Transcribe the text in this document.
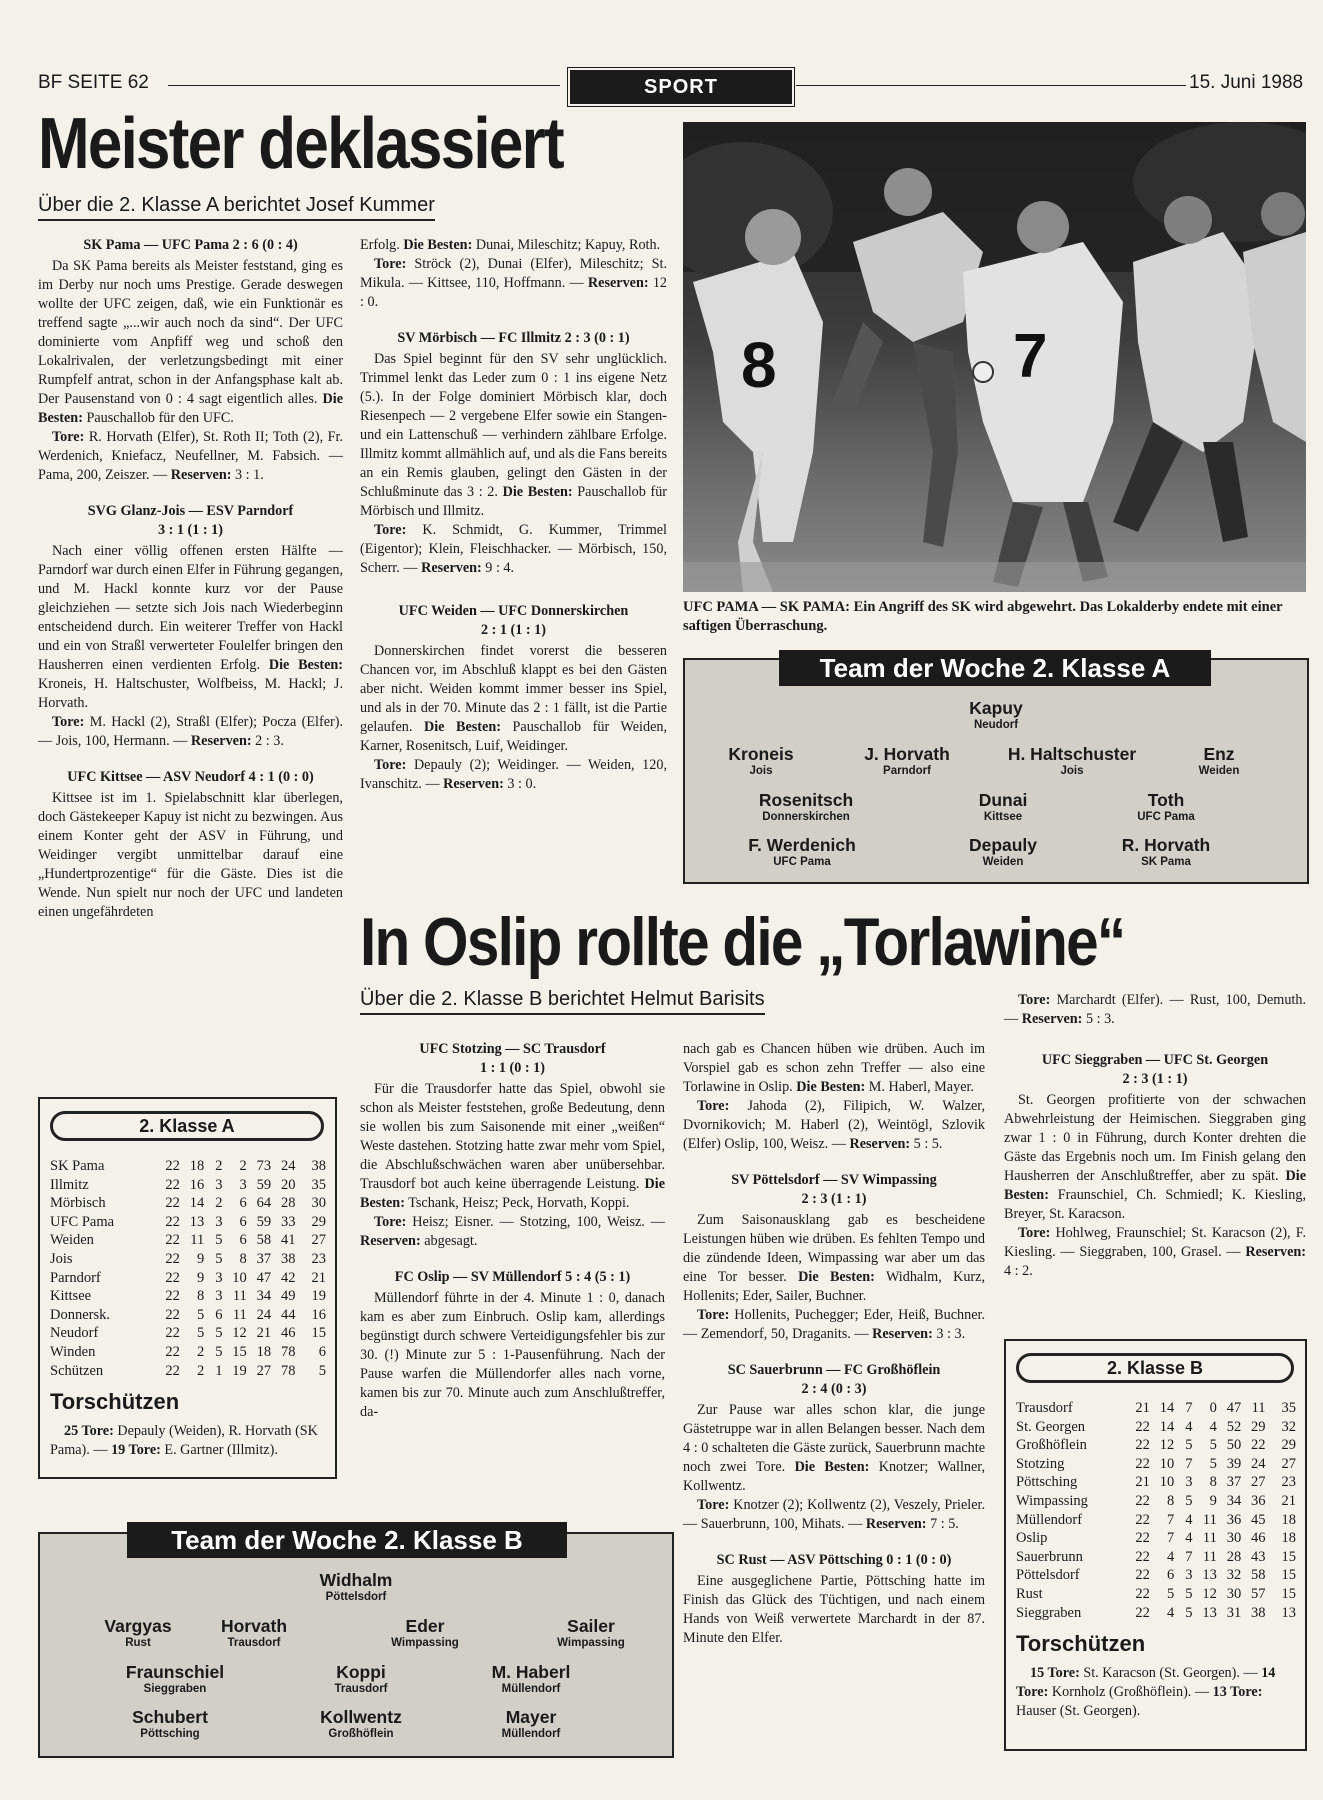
BF SEITE 62	SPORT	15. Juni 1988
Meister deklassiert
Über die 2. Klasse A berichtet Josef Kummer

SK Pama — UFC Pama 2 : 6 (0 : 4)

Da SK Pama bereits als Meister feststand, ging es im Derby nur noch ums Prestige. Gerade deswegen wollte der UFC zeigen, daß, wie ein Funktionär es treffend sagte „...wir auch noch da sind“. Der UFC dominierte vom Anpfiff weg und schoß den Lokalrivalen, der verletzungsbedingt mit einer Rumpfelf antrat, schon in der Anfangsphase kalt ab. Der Pausenstand von 0 : 4 sagt eigentlich alles. Die Besten: Pauschallob für den UFC.

Tore: R. Horvath (Elfer), St. Roth II; Toth (2), Fr. Werdenich, Kniefacz, Neufellner, M. Fabsich. — Pama, 200, Zeiszer. — Reserven: 3 : 1.

SVG Glanz-Jois — ESV Parndorf

3 : 1 (1 : 1)

Nach einer völlig offenen ersten Hälfte — Parndorf war durch einen Elfer in Führung gegangen, und M. Hackl konnte kurz vor der Pause gleichziehen — setzte sich Jois nach Wiederbeginn entscheidend durch. Ein weiterer Treffer von Hackl und ein von Straßl verwerteter Foulelfer bringen den Hausherren einen verdienten Erfolg. Die Besten: Kroneis, H. Haltschuster, Wolfbeiss, M. Hackl; J. Horvath.

Tore: M. Hackl (2), Straßl (Elfer); Pocza (Elfer). — Jois, 100, Hermann. — Reserven: 2 : 3.

UFC Kittsee — ASV Neudorf 4 : 1 (0 : 0)

Kittsee ist im 1. Spielabschnitt klar überlegen, doch Gästekeeper Kapuy ist nicht zu bezwingen. Aus einem Konter geht der ASV in Führung, und Weidinger vergibt unmittelbar darauf eine „Hundertprozentige“ für die Gäste. Dies ist die Wende. Nun spielt nur noch der UFC und landeten einen ungefährdeten

Erfolg. Die Besten: Dunai, Mileschitz; Kapuy, Roth.

Tore: Ströck (2), Dunai (Elfer), Mileschitz; St. Mikula. — Kittsee, 110, Hoffmann. — Reserven: 12 : 0.

SV Mörbisch — FC Illmitz 2 : 3 (0 : 1)

Das Spiel beginnt für den SV sehr unglücklich. Trimmel lenkt das Leder zum 0 : 1 ins eigene Netz (5.). In der Folge dominiert Mörbisch klar, doch Riesenpech — 2 vergebene Elfer sowie ein Stangen- und ein Lattenschuß — verhindern zählbare Erfolge. Illmitz kommt allmählich auf, und als die Fans bereits an ein Remis glauben, gelingt den Gästen in der Schlußminute das 3 : 2. Die Besten: Pauschallob für Mörbisch und Illmitz.

Tore: K. Schmidt, G. Kummer, Trimmel (Eigentor); Klein, Fleischhacker. — Mörbisch, 150, Scherr. — Reserven: 9 : 4.

UFC Weiden — UFC Donnerskirchen

2 : 1 (1 : 1)

Donnerskirchen findet vorerst die besseren Chancen vor, im Abschluß klappt es bei den Gästen aber nicht. Weiden kommt immer besser ins Spiel, und als in der 70. Minute das 2 : 1 fällt, ist die Partie gelaufen. Die Besten: Pauschallob für Weiden, Karner, Rosenitsch, Luif, Weidinger.

Tore: Depauly (2); Weidinger. — Weiden, 120, Ivanschitz. — Reserven: 3 : 0.

8	7
UFC PAMA — SK PAMA: Ein Angriff des SK wird abgewehrt. Das Lokalderby endete mit einer saftigen Überraschung.
Team der Woche 2. Klasse A
Kapuy
Neudorf
Kroneis
Jois
J. Horvath
Parndorf
H. Haltschuster
Jois
Enz
Weiden
Rosenitsch
Donnerskirchen
Dunai
Kittsee
Toth
UFC Pama
F. Werdenich
UFC Pama
Depauly
Weiden
R. Horvath
SK Pama
2. Klasse A
SK Pama	22	18	2	2	73	24	38
Illmitz	22	16	3	3	59	20	35
Mörbisch	22	14	2	6	64	28	30
UFC Pama	22	13	3	6	59	33	29
Weiden	22	11	5	6	58	41	27
Jois	22	9	5	8	37	38	23
Parndorf	22	9	3	10	47	42	21
Kittsee	22	8	3	11	34	49	19
Donnersk.	22	5	6	11	24	44	16
Neudorf	22	5	5	12	21	46	15
Winden	22	2	5	15	18	78	6
Schützen	22	2	1	19	27	78	5
Torschützen

25 Tore: Depauly (Weiden), R. Horvath (SK Pama). — 19 Tore: E. Gartner (Illmitz).

Team der Woche 2. Klasse B
Widhalm
Pöttelsdorf
Vargyas
Rust
Horvath
Trausdorf
Eder
Wimpassing
Sailer
Wimpassing
Fraunschiel
Sieggraben
Koppi
Trausdorf
M. Haberl
Müllendorf
Schubert
Pöttsching
Kollwentz
Großhöflein
Mayer
Müllendorf
In Oslip rollte die „Torlawine“
Über die 2. Klasse B berichtet Helmut Barisits

UFC Stotzing — SC Trausdorf

1 : 1 (0 : 1)

Für die Trausdorfer hatte das Spiel, obwohl sie schon als Meister feststehen, große Bedeutung, denn sie wollen bis zum Saisonende mit einer „weißen“ Weste dastehen. Stotzing hatte zwar mehr vom Spiel, die Abschlußschwächen waren aber unübersehbar. Trausdorf bot auch keine überragende Leistung. Die Besten: Tschank, Heisz; Peck, Horvath, Koppi.

Tore: Heisz; Eisner. — Stotzing, 100, Weisz. — Reserven: abgesagt.

FC Oslip — SV Müllendorf 5 : 4 (5 : 1)

Müllendorf führte in der 4. Minute 1 : 0, danach kam es aber zum Einbruch. Oslip kam, allerdings begünstigt durch schwere Verteidigungsfehler bis zur 30. (!) Minute zur 5 : 1-Pausenführung. Nach der Pause warfen die Müllendorfer alles nach vorne, kamen bis zur 70. Minute auch zum Anschlußtreffer, da-

nach gab es Chancen hüben wie drüben. Auch im Vorspiel gab es schon zehn Treffer — also eine Torlawine in Oslip. Die Besten: M. Haberl, Mayer.

Tore: Jahoda (2), Filipich, W. Walzer, Dvornikovich; M. Haberl (2), Weintögl, Szlovik (Elfer) Oslip, 100, Weisz. — Reserven: 5 : 5.

SV Pöttelsdorf — SV Wimpassing

2 : 3 (1 : 1)

Zum Saisonausklang gab es bescheidene Leistungen hüben wie drüben. Es fehlten Tempo und die zündende Ideen, Wimpassing war aber um das eine Tor besser. Die Besten: Widhalm, Kurz, Hollenits; Eder, Sailer, Buchner.

Tore: Hollenits, Puchegger; Eder, Heiß, Buchner. — Zemendorf, 50, Draganits. — Reserven: 3 : 3.

SC Sauerbrunn — FC Großhöflein

2 : 4 (0 : 3)

Zur Pause war alles schon klar, die junge Gästetruppe war in allen Belangen besser. Nach dem 4 : 0 schalteten die Gäste zurück, Sauerbrunn machte noch zwei Tore. Die Besten: Knotzer; Wallner, Kollwentz.

Tore: Knotzer (2); Kollwentz (2), Veszely, Prieler. — Sauerbrunn, 100, Mihats. — Reserven: 7 : 5.

SC Rust — ASV Pöttsching 0 : 1 (0 : 0)

Eine ausgeglichene Partie, Pöttsching hatte im Finish das Glück des Tüchtigen, und nach einem Hands von Weiß verwertete Marchardt in der 87. Minute den Elfer.

Tore: Marchardt (Elfer). — Rust, 100, Demuth. — Reserven: 5 : 3.

UFC Sieggraben — UFC St. Georgen

2 : 3 (1 : 1)

St. Georgen profitierte von der schwachen Abwehrleistung der Heimischen. Sieggraben ging zwar 1 : 0 in Führung, durch Konter drehten die Gäste das Ergebnis noch um. Im Finish gelang den Hausherren der Anschlußtreffer, aber zu spät. Die Besten: Fraunschiel, Ch. Schmiedl; K. Kiesling, Breyer, St. Karacson.

Tore: Hohlweg, Fraunschiel; St. Karacson (2), F. Kiesling. — Sieggraben, 100, Grasel. — Reserven: 4 : 2.

2. Klasse B
Trausdorf	21	14	7	0	47	11	35
St. Georgen	22	14	4	4	52	29	32
Großhöflein	22	12	5	5	50	22	29
Stotzing	22	10	7	5	39	24	27
Pöttsching	21	10	3	8	37	27	23
Wimpassing	22	8	5	9	34	36	21
Müllendorf	22	7	4	11	36	45	18
Oslip	22	7	4	11	30	46	18
Sauerbrunn	22	4	7	11	28	43	15
Pöttelsdorf	22	6	3	13	32	58	15
Rust	22	5	5	12	30	57	15
Sieggraben	22	4	5	13	31	38	13
Torschützen

15 Tore: St. Karacson (St. Georgen). — 14 Tore: Kornholz (Großhöflein). — 13 Tore: Hauser (St. Georgen).
